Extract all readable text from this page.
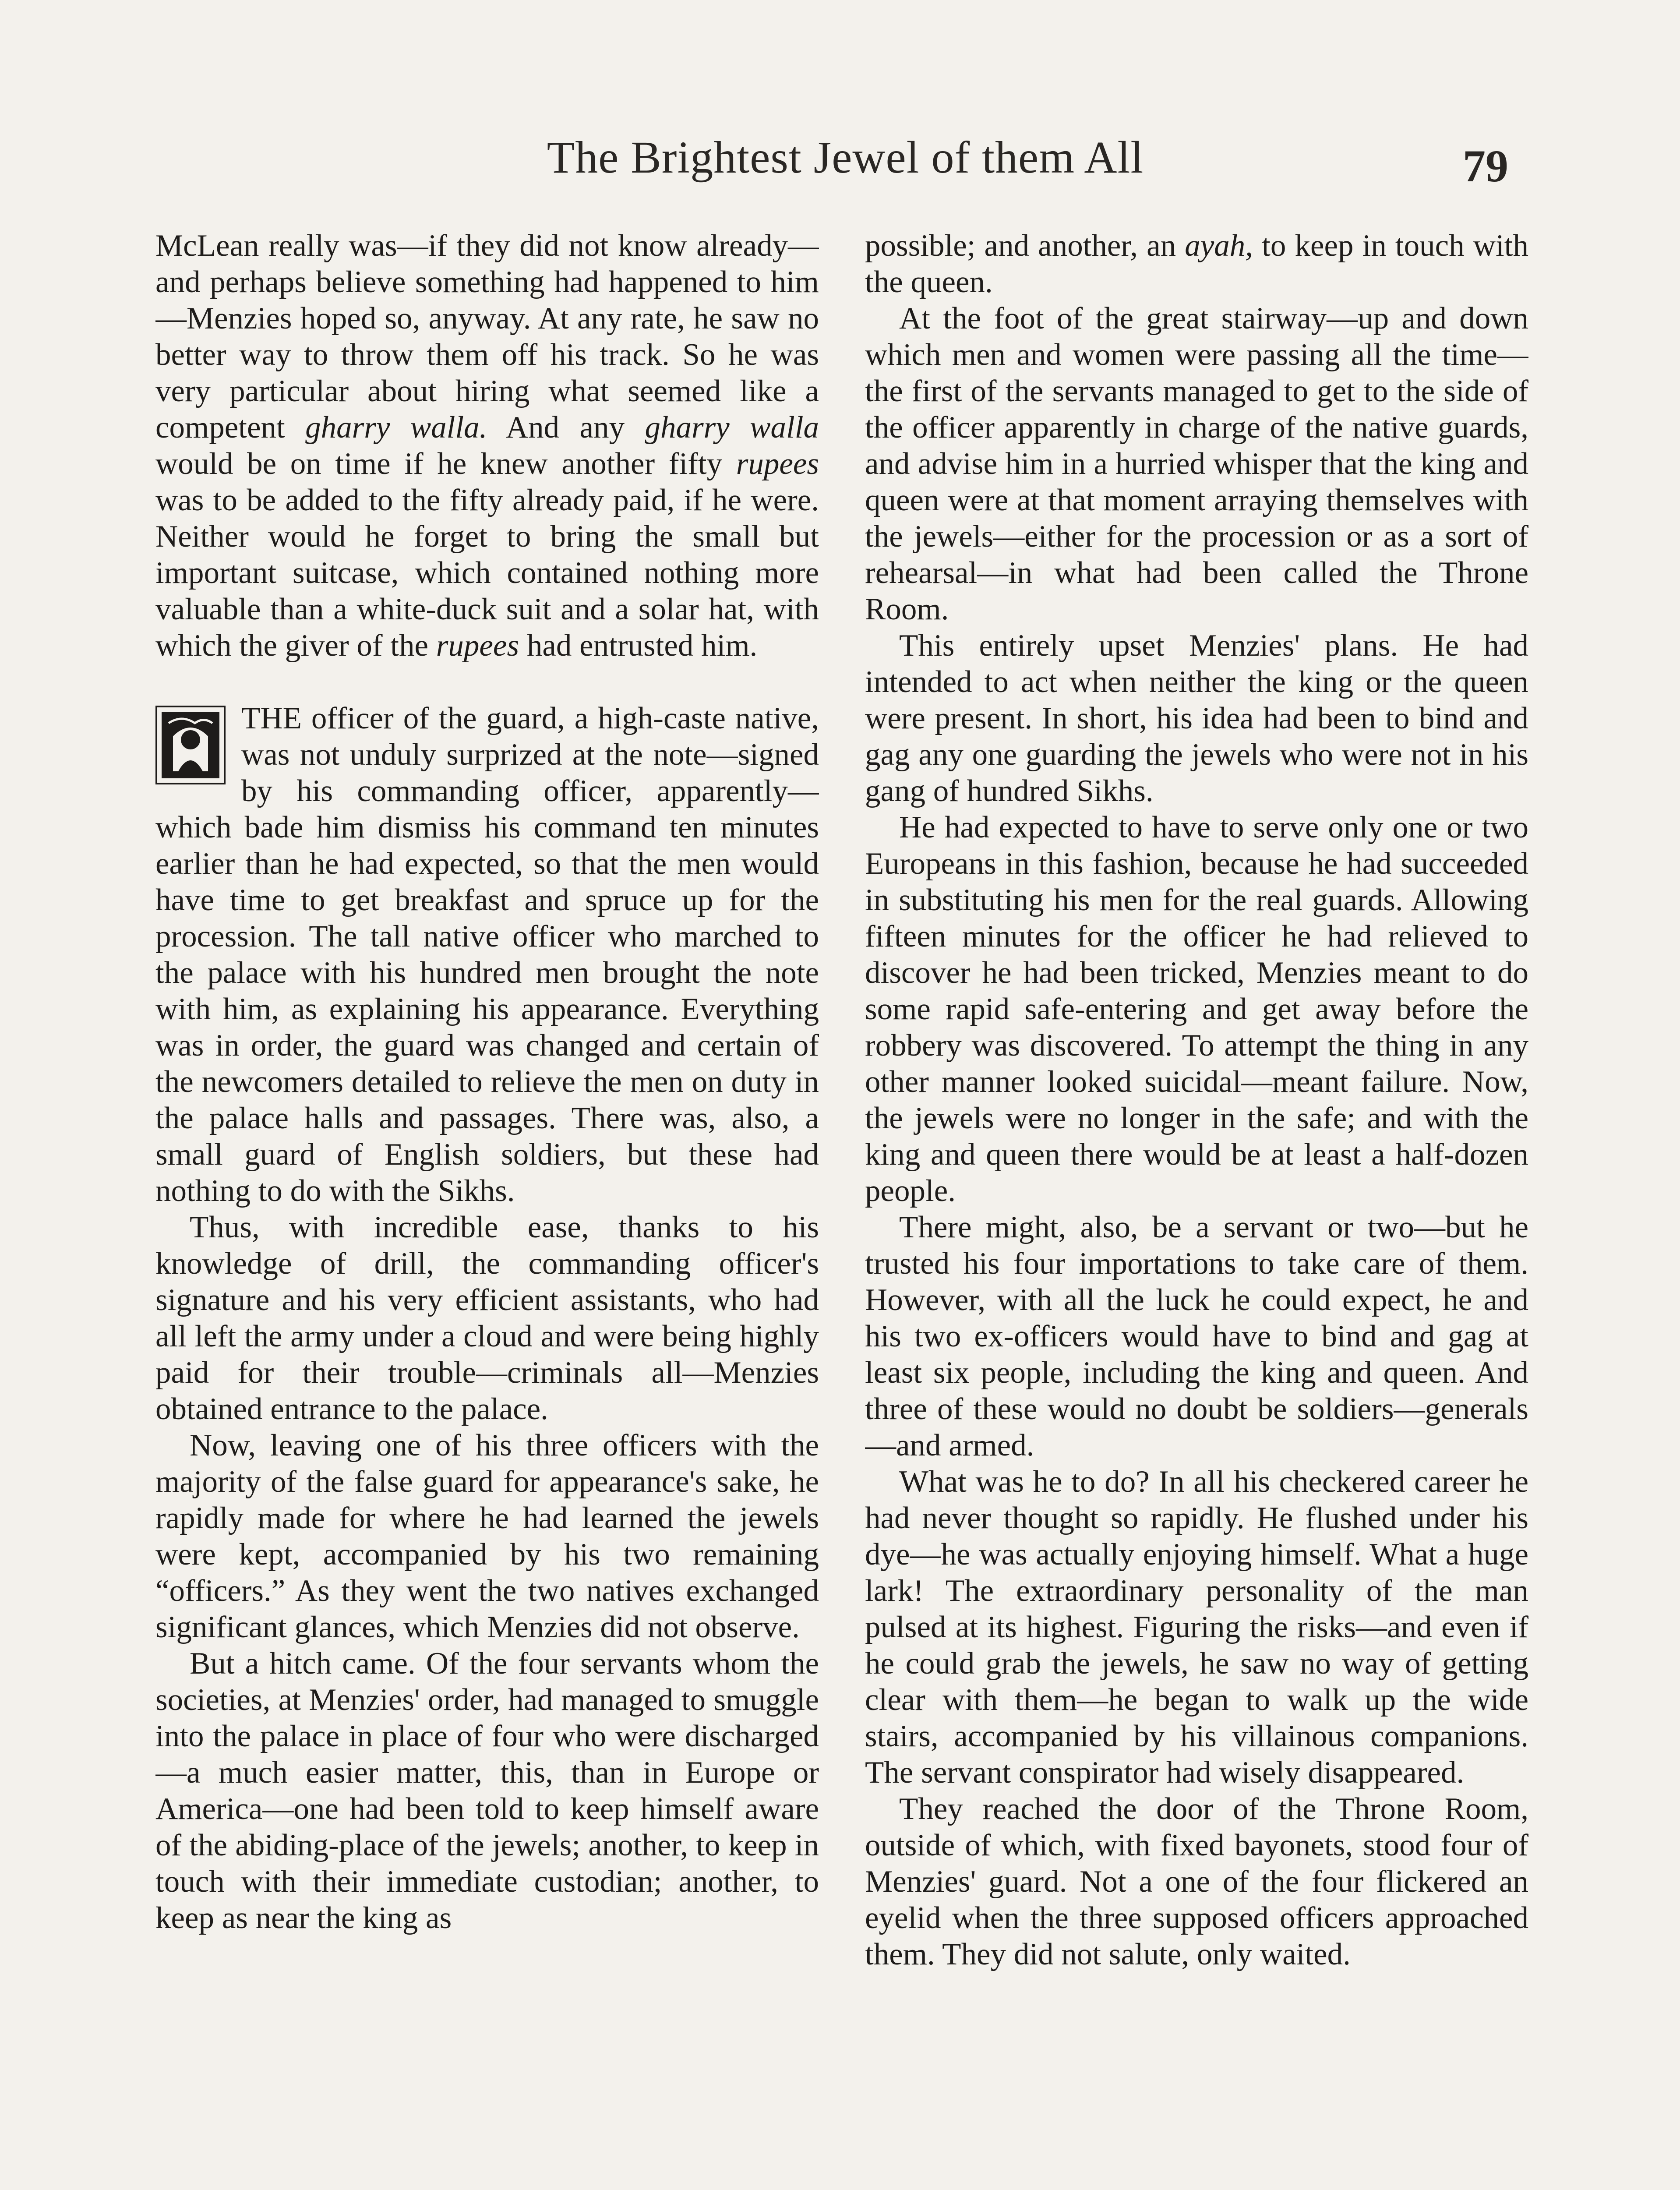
The Brightest Jewel of them All	79

McLean really was—if they did not know already—and perhaps believe something had happened to him—Menzies hoped so, anyway. At any rate, he saw no better way to throw them off his track. So he was very particular about hiring what seemed like a competent gharry walla. And any gharry walla would be on time if he knew another fifty rupees was to be added to the fifty already paid, if he were. Neither would he forget to bring the small but important suitcase, which contained nothing more valuable than a white-duck suit and a solar hat, with which the giver of the rupees had entrusted him.

THE officer of the guard, a high-caste native, was not unduly surprized at the note—signed by his commanding officer, apparently—which bade him dismiss his command ten minutes earlier than he had expected, so that the men would have time to get breakfast and spruce up for the procession. The tall native officer who marched to the palace with his hundred men brought the note with him, as explaining his appearance. Everything was in order, the guard was changed and certain of the newcomers detailed to relieve the men on duty in the palace halls and passages. There was, also, a small guard of English soldiers, but these had nothing to do with the Sikhs.

Thus, with incredible ease, thanks to his knowledge of drill, the commanding officer's signature and his very efficient assistants, who had all left the army under a cloud and were being highly paid for their trouble—criminals all—Menzies obtained entrance to the palace.

Now, leaving one of his three officers with the majority of the false guard for appearance's sake, he rapidly made for where he had learned the jewels were kept, accompanied by his two remaining “officers.” As they went the two natives exchanged significant glances, which Menzies did not observe.

But a hitch came. Of the four servants whom the societies, at Menzies' order, had managed to smuggle into the palace in place of four who were discharged—a much easier matter, this, than in Europe or America—one had been told to keep himself aware of the abiding-place of the jewels; another, to keep in touch with their immediate custodian; another, to keep as near the king as

possible; and another, an ayah, to keep in touch with the queen.

At the foot of the great stairway—up and down which men and women were passing all the time—the first of the servants managed to get to the side of the officer apparently in charge of the native guards, and advise him in a hurried whisper that the king and queen were at that moment arraying themselves with the jewels—either for the procession or as a sort of rehearsal—in what had been called the Throne Room.

This entirely upset Menzies' plans. He had intended to act when neither the king or the queen were present. In short, his idea had been to bind and gag any one guarding the jewels who were not in his gang of hundred Sikhs.

He had expected to have to serve only one or two Europeans in this fashion, because he had succeeded in substituting his men for the real guards. Allowing fifteen minutes for the officer he had relieved to discover he had been tricked, Menzies meant to do some rapid safe-entering and get away before the robbery was discovered. To attempt the thing in any other manner looked suicidal—meant failure. Now, the jewels were no longer in the safe; and with the king and queen there would be at least a half-dozen people.

There might, also, be a servant or two—but he trusted his four importations to take care of them. However, with all the luck he could expect, he and his two ex-officers would have to bind and gag at least six people, including the king and queen. And three of these would no doubt be soldiers—generals—and armed.

What was he to do? In all his checkered career he had never thought so rapidly. He flushed under his dye—he was actually enjoying himself. What a huge lark! The extraordinary personality of the man pulsed at its highest. Figuring the risks—and even if he could grab the jewels, he saw no way of getting clear with them—he began to walk up the wide stairs, accompanied by his villainous companions. The servant conspirator had wisely disappeared.

They reached the door of the Throne Room, outside of which, with fixed bayonets, stood four of Menzies' guard. Not a one of the four flickered an eyelid when the three supposed officers approached them. They did not salute, only waited.
